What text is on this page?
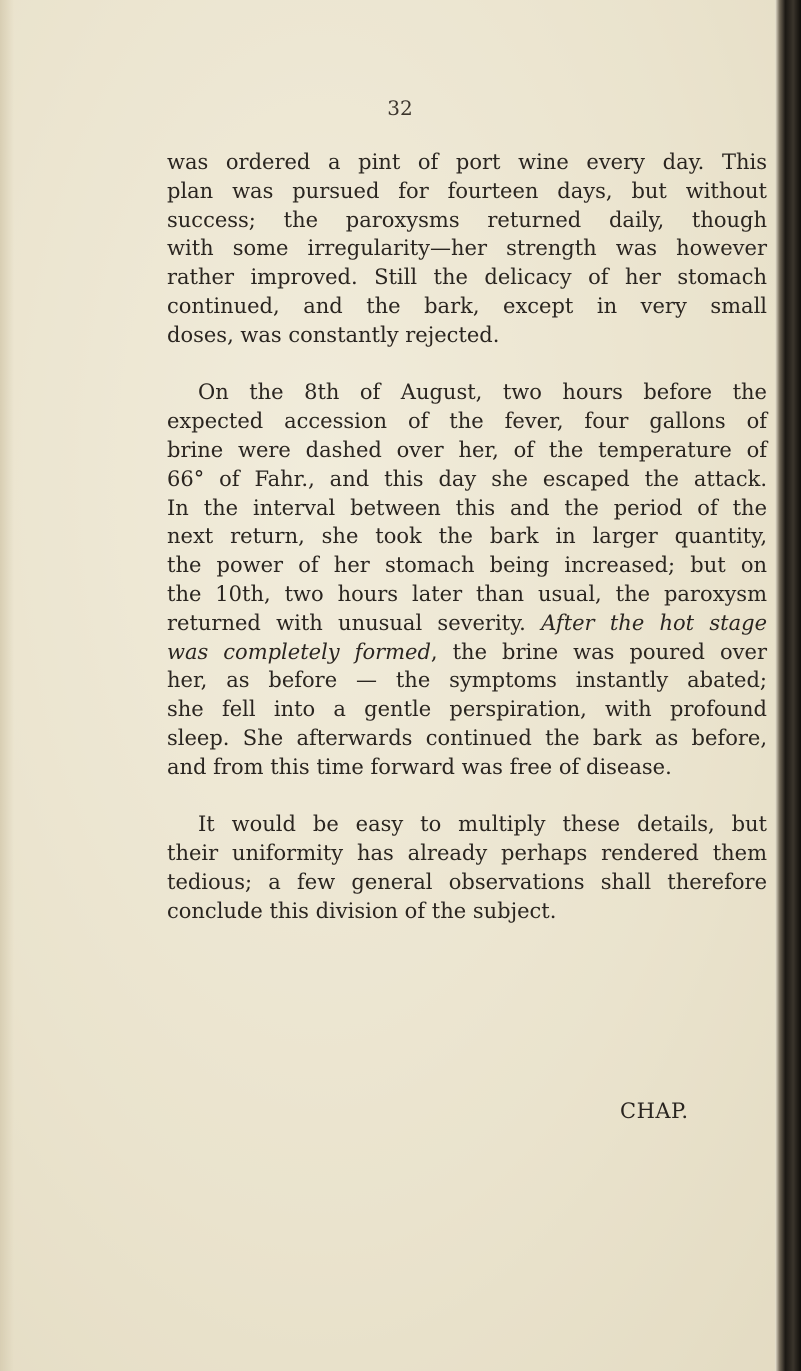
32
was ordered a pint of port wine every day. This
plan was pursued for fourteen days, but without
success; the paroxysms returned daily, though
with some irregularity—her strength was however
rather improved. Still the delicacy of her stomach
continued, and the bark, except in very small
doses, was constantly rejected.
On the 8th of August, two hours before the
expected accession of the fever, four gallons of
brine were dashed over her, of the temperature of
66° of Fahr., and this day she escaped the attack.
In the interval between this and the period of the
next return, she took the bark in larger quantity,
the power of her stomach being increased; but on
the 10th, two hours later than usual, the paroxysm
returned with unusual severity. After the hot stage
was completely formed, the brine was poured over
her, as before — the symptoms instantly abated;
she fell into a gentle perspiration, with profound
sleep. She afterwards continued the bark as before,
and from this time forward was free of disease.
It would be easy to multiply these details, but
their uniformity has already perhaps rendered them
tedious; a few general observations shall therefore
conclude this division of the subject.
CHAP.
